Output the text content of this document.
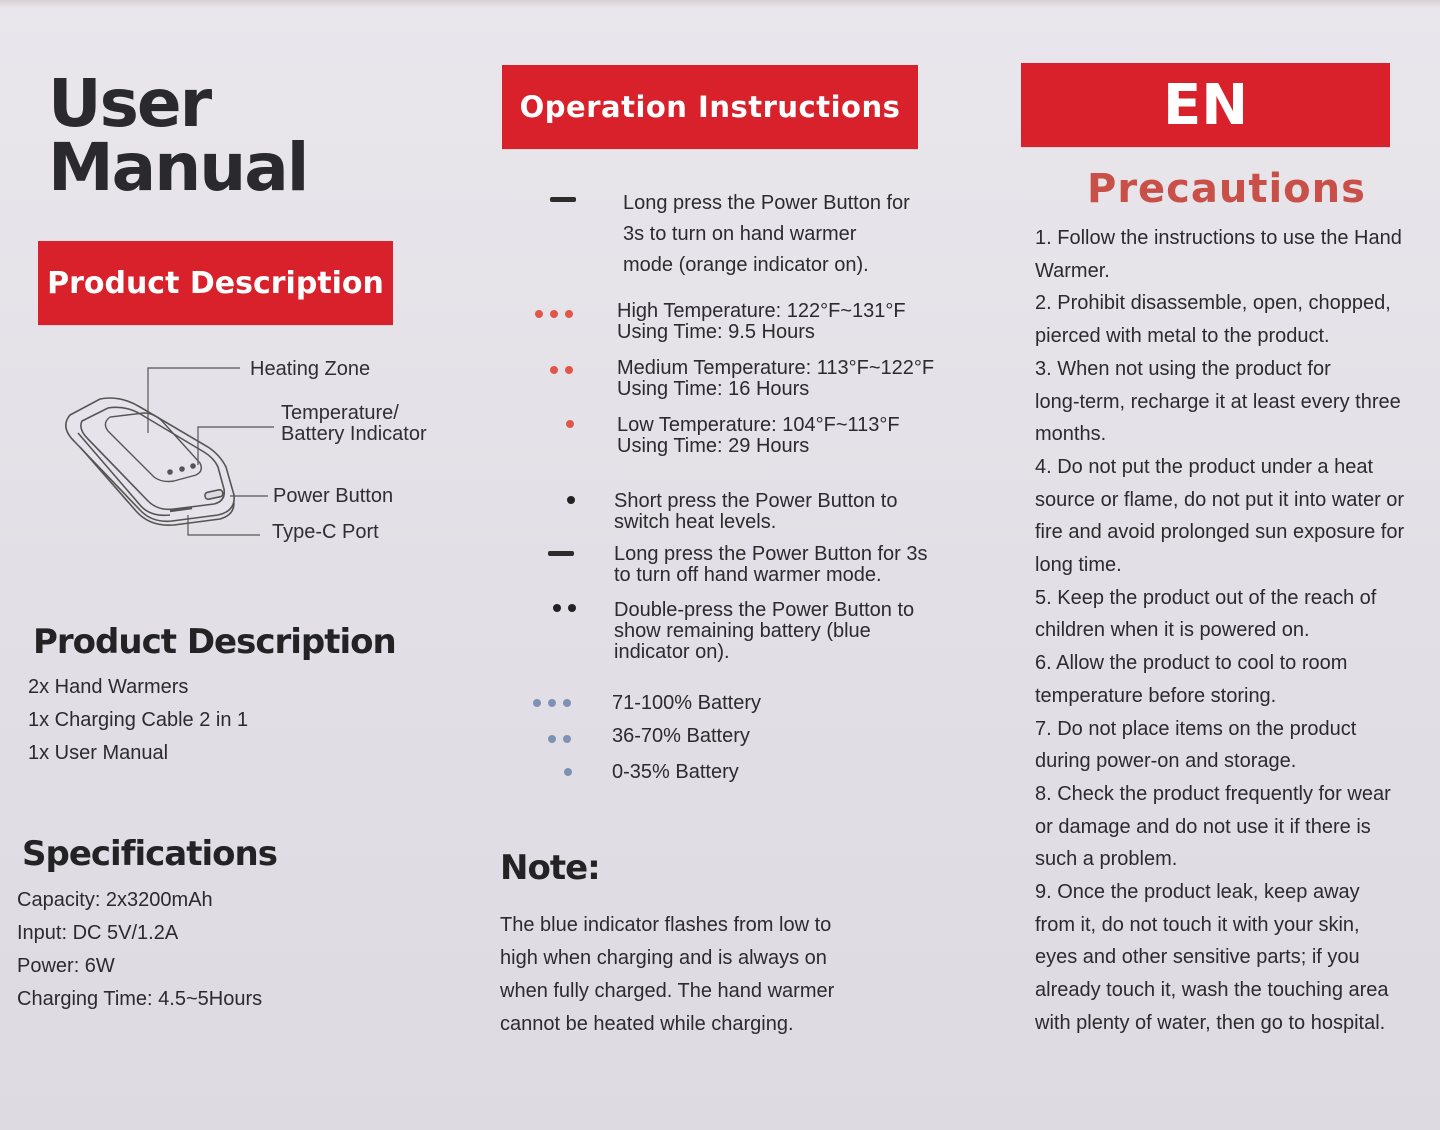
User
Manual
Product Description
Heating Zone
Temperature/
Battery Indicator
Power Button
Type-C Port
Product Description
2x Hand Warmers
1x Charging Cable 2 in 1
1x User Manual
Specifications
Capacity: 2x3200mAh
Input: DC 5V/1.2A
Power: 6W
Charging Time: 4.5~5Hours
Operation Instructions
Long press the Power Button for
3s to turn on hand warmer
mode (orange indicator on).
High Temperature: 122°F~131°F
Using Time: 9.5 Hours
Medium Temperature: 113°F~122°F
Using Time: 16 Hours
Low Temperature: 104°F~113°F
Using Time: 29 Hours
Short press the Power Button to
switch heat levels.
Long press the Power Button for 3s
to turn off hand warmer mode.
Double-press the Power Button to
show remaining battery (blue
indicator on).
71-100% Battery
36-70% Battery
0-35% Battery
Note:
The blue indicator flashes from low to
high when charging and is always on
when fully charged. The hand warmer
cannot be heated while charging.
EN
Precautions

1. Follow the instructions to use the Hand

Warmer.

2. Prohibit disassemble, open, chopped,

pierced with metal to the product.

3. When not using the product for

long-term, recharge it at least every three

months.

4. Do not put the product under a heat

source or flame, do not put it into water or

fire and avoid prolonged sun exposure for

long time.

5. Keep the product out of the reach of

children when it is powered on.

6. Allow the product to cool to room

temperature before storing.

7. Do not place items on the product

during power-on and storage.

8. Check the product frequently for wear

or damage and do not use it if there is

such a problem.

9. Once the product leak, keep away

from it, do not touch it with your skin,

eyes and other sensitive parts; if you

already touch it, wash the touching area

with plenty of water, then go to hospital.
